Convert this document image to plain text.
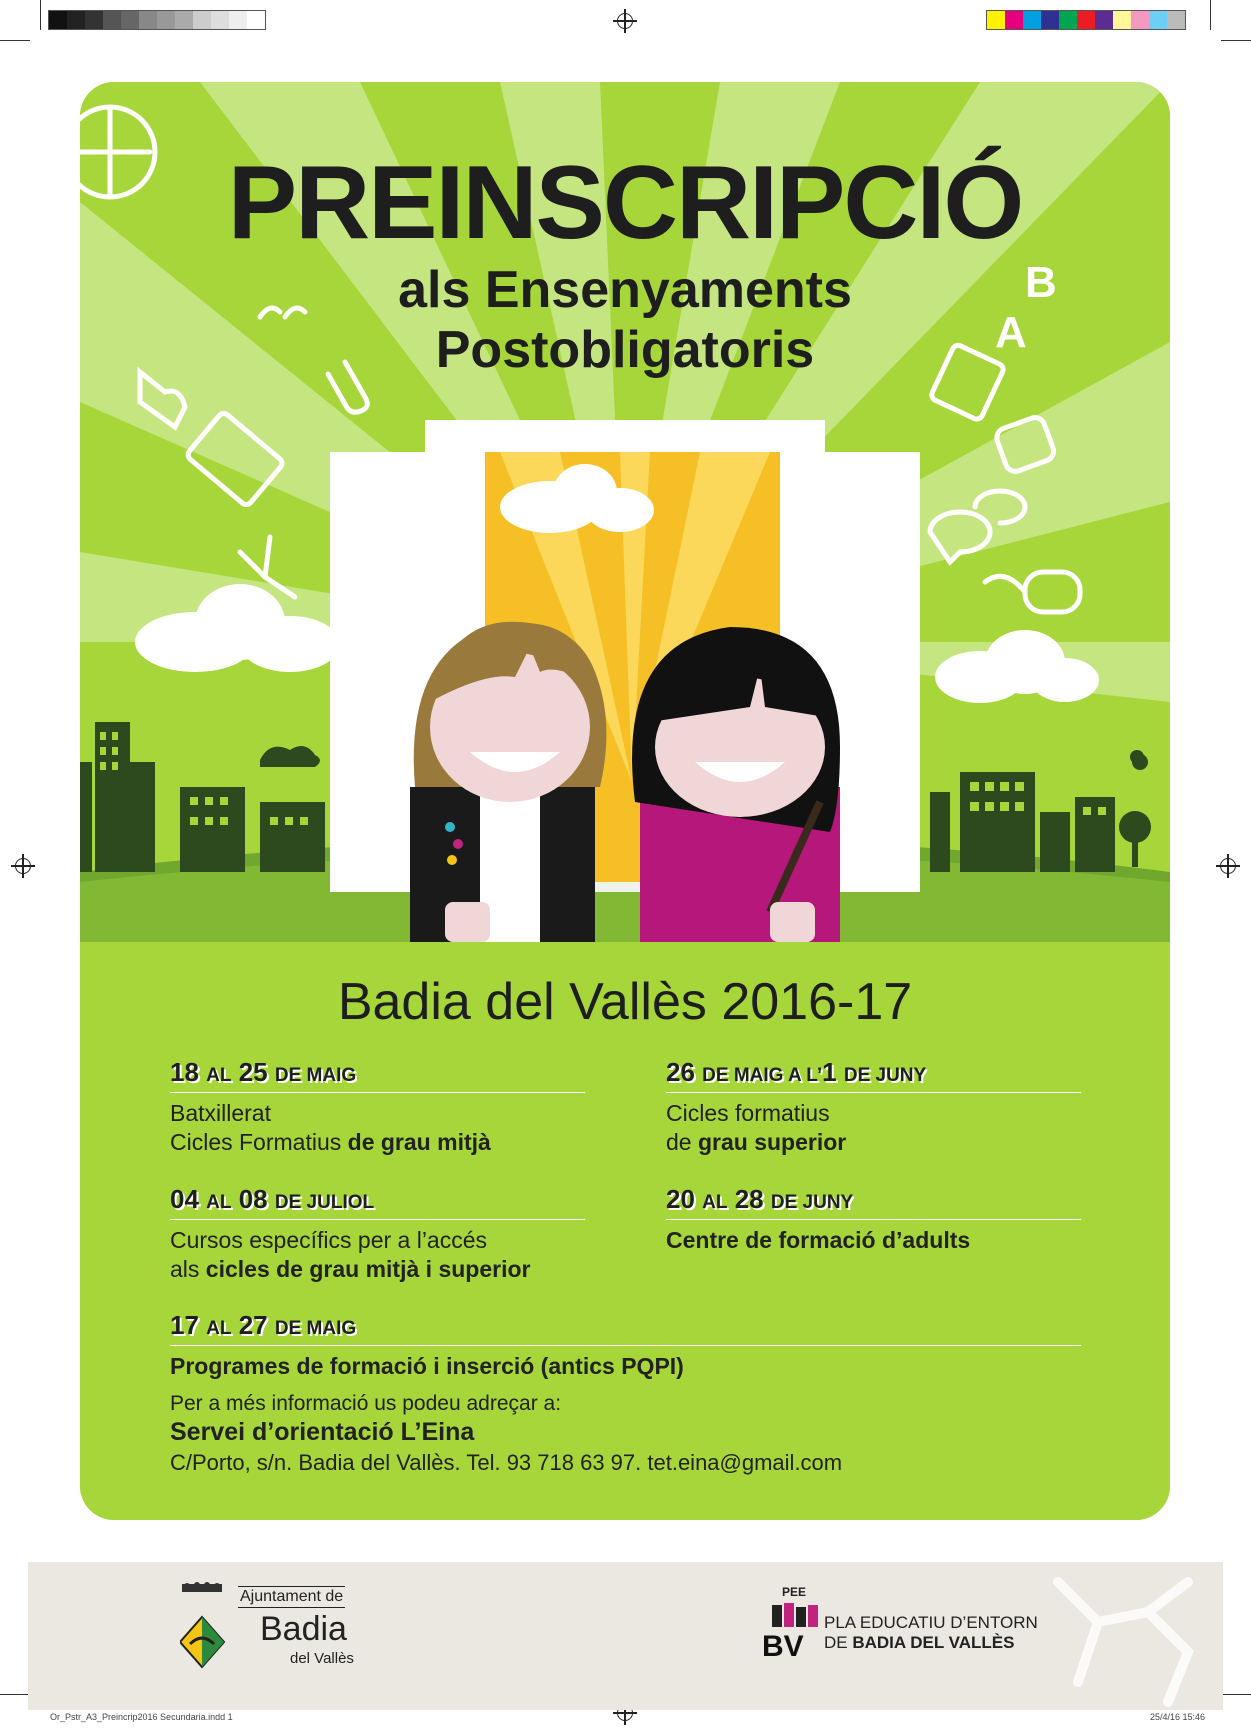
B
A
PREINSCRIPCIÓ
als Ensenyaments
Postobligatoris
Badia del Vallès 2016-17
18 AL 25 DE MAIG
Batxillerat
Cicles Formatius de grau mitjà
26 DE MAIG A L’1 DE JUNY
Cicles formatius
de grau superior
04 AL 08 DE JULIOL
Cursos específics per a l’accés
als cicles de grau mitjà i superior
20 AL 28 DE JUNY
Centre de formació d’adults
17 AL 27 DE MAIG
Programes de formació i inserció (antics PQPI)
Per a més informació us podeu adreçar a:
Servei d’orientació L’Eina
C/Porto, s/n. Badia del Vallès. Tel. 93 718 63 97. tet.eina@gmail.com
Ajuntament de
Badia
del Vallès
PEE
BV
PLA EDUCATIU D’ENTORN
DE BADIA DEL VALLÈS
Or_Pstr_A3_Preincrip2016 Secundaria.indd 1	25/4/16 15:46
